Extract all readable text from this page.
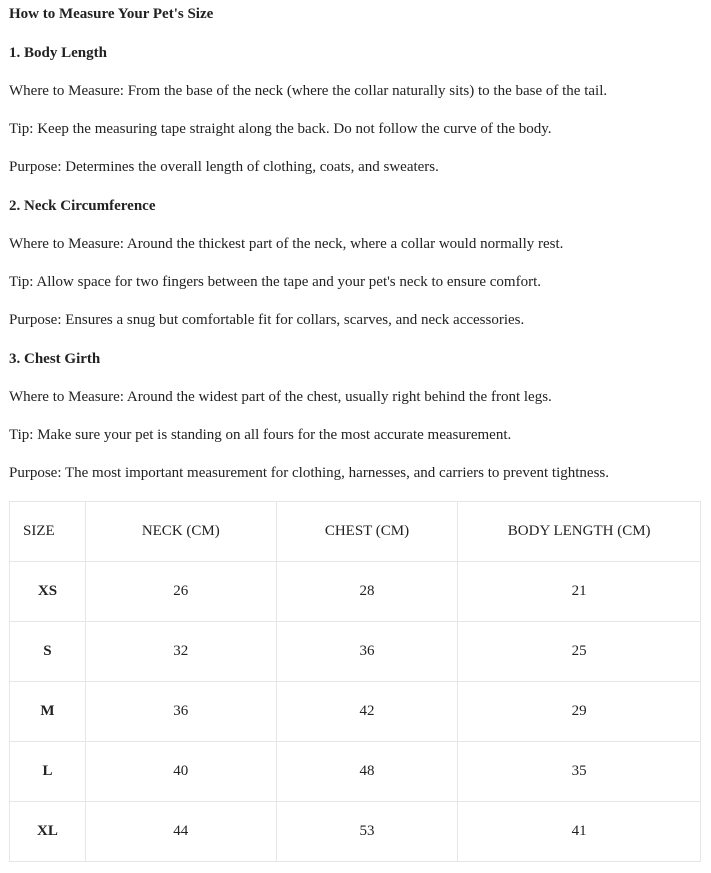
How to Measure Your Pet's Size

1. Body Length

Where to Measure: From the base of the neck (where the collar naturally sits) to the base of the tail.

Tip: Keep the measuring tape straight along the back. Do not follow the curve of the body.

Purpose: Determines the overall length of clothing, coats, and sweaters.

2. Neck Circumference

Where to Measure: Around the thickest part of the neck, where a collar would normally rest.

Tip: Allow space for two fingers between the tape and your pet's neck to ensure comfort.

Purpose: Ensures a snug but comfortable fit for collars, scarves, and neck accessories.

3. Chest Girth

Where to Measure: Around the widest part of the chest, usually right behind the front legs.

Tip: Make sure your pet is standing on all fours for the most accurate measurement.

Purpose: The most important measurement for clothing, harnesses, and carriers to prevent tightness.

SIZE	NECK (CM)	CHEST (CM)	BODY LENGTH (CM)
XS	26	28	21
S	32	36	25
M	36	42	29
L	40	48	35
XL	44	53	41
